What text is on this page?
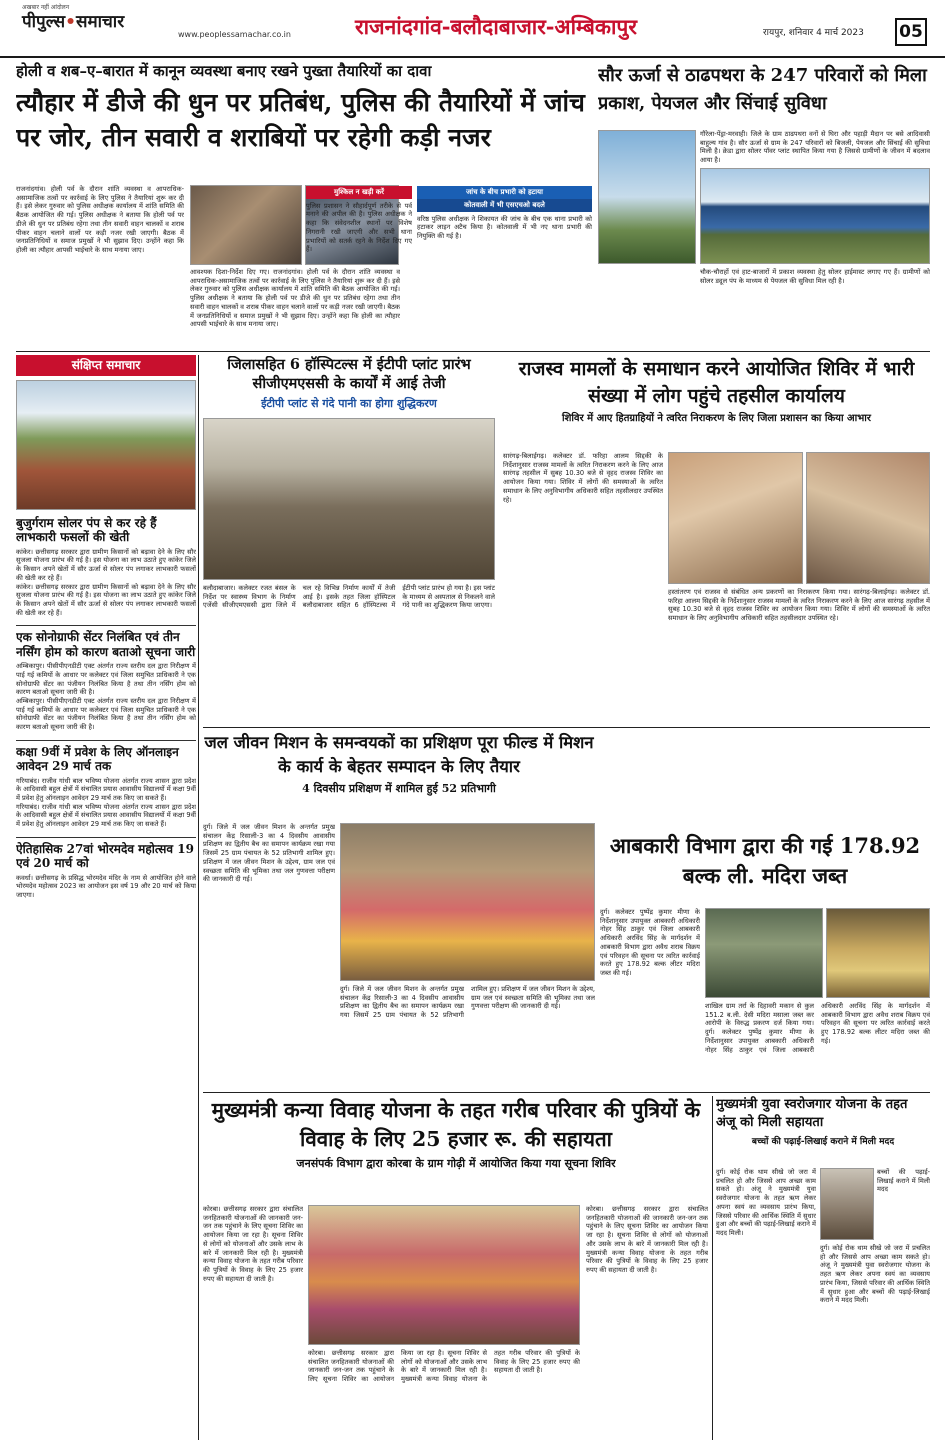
अखबार नहीं आंदोलन
पीपुल्स•समाचार
www.peoplessamachar.co.in	राजनांदगांव-बलौदाबाजार-अम्बिकापुर	रायपुर, शनिवार 4 मार्च 2023 05
होली व शब–ए–बारात में कानून व्यवस्था बनाए रखने पुख्ता तैयारियों का दावा
त्यौहार में डीजे की धुन पर प्रतिबंध, पुलिस की तैयारियों में जांच पर जोर, तीन सवारी व शराबियों पर रहेगी कड़ी नजर
राजनांदगांव। होली पर्व के दौरान शांति व्यवस्था व आपराधिक-असामाजिक तत्वों पर कार्रवाई के लिए पुलिस ने तैयारियां शुरू कर दी हैं। इसे लेकर गुरुवार को पुलिस अधीक्षक कार्यालय में शांति समिति की बैठक आयोजित की गई। पुलिस अधीक्षक ने बताया कि होली पर्व पर डीजे की धुन पर प्रतिबंध रहेगा तथा तीन सवारी वाहन चालकों व शराब पीकर वाहन चलाने वालों पर कड़ी नजर रखी जाएगी। बैठक में जनप्रतिनिधियों व समाज प्रमुखों ने भी सुझाव दिए। उन्होंने कहा कि होली का त्यौहार आपसी भाईचारे के साथ मनाया जाए।
आवश्यक दिशा-निर्देश दिए गए। राजनांदगांव। होली पर्व के दौरान शांति व्यवस्था व आपराधिक-असामाजिक तत्वों पर कार्रवाई के लिए पुलिस ने तैयारियां शुरू कर दी हैं। इसे लेकर गुरुवार को पुलिस अधीक्षक कार्यालय में शांति समिति की बैठक आयोजित की गई। पुलिस अधीक्षक ने बताया कि होली पर्व पर डीजे की धुन पर प्रतिबंध रहेगा तथा तीन सवारी वाहन चालकों व शराब पीकर वाहन चलाने वालों पर कड़ी नजर रखी जाएगी। बैठक में जनप्रतिनिधियों व समाज प्रमुखों ने भी सुझाव दिए। उन्होंने कहा कि होली का त्यौहार आपसी भाईचारे के साथ मनाया जाए।
मुश्किल न खड़ी करें
पुलिस प्रशासन ने सौहार्दपूर्ण तरीके से पर्व मनाने की अपील की है। पुलिस अधीक्षक ने कहा कि संवेदनशील स्थानों पर विशेष निगरानी रखी जाएगी और सभी थाना प्रभारियों को सतर्क रहने के निर्देश दिए गए हैं।
जांच के बीच प्रभारी को हटाया
कोतवाली में भी एसएचओ बदले
वरिष्ठ पुलिस अधीक्षक ने शिकायत की जांच के बीच एक थाना प्रभारी को हटाकर लाइन अटैच किया है। कोतवाली में भी नए थाना प्रभारी की नियुक्ति की गई है।
सौर ऊर्जा से ठाढपथरा के 247 परिवारों को मिला प्रकाश, पेयजल और सिंचाई सुविधा
गौरेला-पेंड्रा-मरवाही। जिले के ग्राम ठाढपथरा वनों से घिरा और पहाड़ी मैदान पर बसे आदिवासी बाहुल्य गांव है। सौर ऊर्जा से ग्राम के 247 परिवारों को बिजली, पेयजल और सिंचाई की सुविधा मिली है। क्रेडा द्वारा सोलर पॉवर प्लांट स्थापित किया गया है जिससे ग्रामीणों के जीवन में बदलाव आया है।
चौक-चौराहों एवं हाट-बाजारों में प्रकाश व्यवस्था हेतु सोलर हाईमास्ट लगाए गए हैं। ग्रामीणों को सोलर ड्यूल पंप के माध्यम से पेयजल की सुविधा मिल रही है।
संक्षिप्त समाचार
बुजुर्गराम सोलर पंप से कर रहे हैं लाभकारी फसलों की खेती
कांकेर। छत्तीसगढ़ सरकार द्वारा ग्रामीण किसानों को बढ़ावा देने के लिए सौर सुजला योजना प्रारंभ की गई है। इस योजना का लाभ उठाते हुए कांकेर जिले के किसान अपने खेतों में सौर ऊर्जा से सोलर पंप लगाकर लाभकारी फसलों की खेती कर रहे हैं।
कांकेर। छत्तीसगढ़ सरकार द्वारा ग्रामीण किसानों को बढ़ावा देने के लिए सौर सुजला योजना प्रारंभ की गई है। इस योजना का लाभ उठाते हुए कांकेर जिले के किसान अपने खेतों में सौर ऊर्जा से सोलर पंप लगाकर लाभकारी फसलों की खेती कर रहे हैं।
एक सोनोग्राफी सेंटर निलंबित एवं तीन नर्सिंग होम को कारण बताओ सूचना जारी
अम्बिकापुर। पीसीपीएनडीटी एक्ट अंतर्गत राज्य स्तरीय दल द्वारा निरीक्षण में पाई गई कमियों के आधार पर कलेक्टर एवं जिला समुचित प्राधिकारी ने एक सोनोग्राफी सेंटर का पंजीयन निलंबित किया है तथा तीन नर्सिंग होम को कारण बताओ सूचना जारी की है।
अम्बिकापुर। पीसीपीएनडीटी एक्ट अंतर्गत राज्य स्तरीय दल द्वारा निरीक्षण में पाई गई कमियों के आधार पर कलेक्टर एवं जिला समुचित प्राधिकारी ने एक सोनोग्राफी सेंटर का पंजीयन निलंबित किया है तथा तीन नर्सिंग होम को कारण बताओ सूचना जारी की है।
कक्षा 9वीं में प्रवेश के लिए ऑनलाइन आवेदन 29 मार्च तक
गरियाबंद। राजीव गांधी बाल भविष्य योजना अंतर्गत राज्य शासन द्वारा प्रदेश के आदिवासी बहुल क्षेत्रों में संचालित प्रयास आवासीय विद्यालयों में कक्षा 9वीं में प्रवेश हेतु ऑनलाइन आवेदन 29 मार्च तक किए जा सकते हैं।
गरियाबंद। राजीव गांधी बाल भविष्य योजना अंतर्गत राज्य शासन द्वारा प्रदेश के आदिवासी बहुल क्षेत्रों में संचालित प्रयास आवासीय विद्यालयों में कक्षा 9वीं में प्रवेश हेतु ऑनलाइन आवेदन 29 मार्च तक किए जा सकते हैं।
ऐतिहासिक 27वां भोरमदेव महोत्सव 19 एवं 20 मार्च को
कवर्धा। छत्तीसगढ़ के प्रसिद्ध भोरमदेव मंदिर के नाम से आयोजित होने वाले भोरमदेव महोत्सव 2023 का आयोजन इस वर्ष 19 और 20 मार्च को किया जाएगा।
जिलासहित 6 हॉस्पिटल्स में ईटीपी प्लांट प्रारंभ सीजीएमएससी के कार्यों में आई तेजी
ईटीपी प्लांट से गंदे पानी का होगा शुद्धिकरण
बलौदाबाजार। कलेक्टर रजत बंसल के निर्देश पर स्वास्थ्य विभाग के निर्माण एजेंसी सीजीएमएससी द्वारा जिले में चल रहे विभिन्न निर्माण कार्यों में तेजी आई है। इसके तहत जिला हॉस्पिटल बलौदाबाजार सहित 6 हॉस्पिटल्स में ईटीपी प्लांट प्रारंभ हो गया है। इस प्लांट के माध्यम से अस्पताल से निकलने वाले गंदे पानी का शुद्धिकरण किया जाएगा।
राजस्व मामलों के समाधान करने आयोजित शिविर में भारी संख्या में लोग पहुंचे तहसील कार्यालय
शिविर में आए हितग्राहियों ने त्वरित निराकरण के लिए जिला प्रशासन का किया आभार
सारंगढ़-बिलाईगढ़। कलेक्टर डॉ. फरिहा आलम सिद्दकी के निर्देशानुसार राजस्व मामलों के त्वरित निराकरण करने के लिए आज सारंगढ़ तहसील में सुबह 10.30 बजे से वृहद राजस्व शिविर का आयोजन किया गया। शिविर में लोगों की समस्याओं के त्वरित समाधान के लिए अनुविभागीय अधिकारी सहित तहसीलदार उपस्थित रहे।
हस्तांतरण एवं राजस्व से संबंधित अन्य प्रकरणों का निराकरण किया गया। सारंगढ़-बिलाईगढ़। कलेक्टर डॉ. फरिहा आलम सिद्दकी के निर्देशानुसार राजस्व मामलों के त्वरित निराकरण करने के लिए आज सारंगढ़ तहसील में सुबह 10.30 बजे से वृहद राजस्व शिविर का आयोजन किया गया। शिविर में लोगों की समस्याओं के त्वरित समाधान के लिए अनुविभागीय अधिकारी सहित तहसीलदार उपस्थित रहे।
जल जीवन मिशन के समन्वयकों का प्रशिक्षण पूरा फील्ड में मिशन के कार्य के बेहतर सम्पादन के लिए तैयार
4 दिवसीय प्रशिक्षण में शामिल हुई 52 प्रतिभागी
दुर्ग। जिले में जल जीवन मिशन के अन्तर्गत प्रमुख संचालन केंद्र रिसाली-3 का 4 दिवसीय आवासीय प्रशिक्षण का द्वितीय बैच का समापन कार्यक्रम रखा गया जिसमें 25 ग्राम पंचायत के 52 प्रतिभागी शामिल हुए। प्रशिक्षण में जल जीवन मिशन के उद्देश्य, ग्राम जल एवं स्वच्छता समिति की भूमिका तथा जल गुणवत्ता परीक्षण की जानकारी दी गई।
दुर्ग। जिले में जल जीवन मिशन के अन्तर्गत प्रमुख संचालन केंद्र रिसाली-3 का 4 दिवसीय आवासीय प्रशिक्षण का द्वितीय बैच का समापन कार्यक्रम रखा गया जिसमें 25 ग्राम पंचायत के 52 प्रतिभागी शामिल हुए। प्रशिक्षण में जल जीवन मिशन के उद्देश्य, ग्राम जल एवं स्वच्छता समिति की भूमिका तथा जल गुणवत्ता परीक्षण की जानकारी दी गई।
आबकारी विभाग द्वारा की गई 178.92 बल्क ली. मदिरा जब्त
दुर्ग। कलेक्टर पुष्पेंद्र कुमार मीणा के निर्देशानुसार उपायुक्त आबकारी अधिकारी नोहर सिंह ठाकुर एवं जिला आबकारी अधिकारी अरविंद सिंह के मार्गदर्शन में आबकारी विभाग द्वारा अवैध शराब विक्रय एवं परिवहन की सूचना पर त्वरित कार्रवाई करते हुए 178.92 बल्क लीटर मदिरा जब्त की गई।
शाखिल ग्राम तर्रा के दिहावरी मकान से कुल 151.2 ब.ली. देसी मदिरा मसाला जब्त कर आरोपी के विरुद्ध प्रकरण दर्ज किया गया। दुर्ग। कलेक्टर पुष्पेंद्र कुमार मीणा के निर्देशानुसार उपायुक्त आबकारी अधिकारी नोहर सिंह ठाकुर एवं जिला आबकारी अधिकारी अरविंद सिंह के मार्गदर्शन में आबकारी विभाग द्वारा अवैध शराब विक्रय एवं परिवहन की सूचना पर त्वरित कार्रवाई करते हुए 178.92 बल्क लीटर मदिरा जब्त की गई।
मुख्यमंत्री कन्या विवाह योजना के तहत गरीब परिवार की पुत्रियों के विवाह के लिए 25 हजार रू. की सहायता
जनसंपर्क विभाग द्वारा कोरबा के ग्राम गोढ़ी में आयोजित किया गया सूचना शिविर
कोरबा। छत्तीसगढ़ सरकार द्वारा संचालित जनहितकारी योजनाओं की जानकारी जन-जन तक पहुंचाने के लिए सूचना शिविर का आयोजन किया जा रहा है। सूचना शिविर से लोगों को योजनाओं और उसके लाभ के बारे में जानकारी मिल रही है। मुख्यमंत्री कन्या विवाह योजना के तहत गरीब परिवार की पुत्रियों के विवाह के लिए 25 हजार रुपए की सहायता दी जाती है।
कोरबा। छत्तीसगढ़ सरकार द्वारा संचालित जनहितकारी योजनाओं की जानकारी जन-जन तक पहुंचाने के लिए सूचना शिविर का आयोजन किया जा रहा है। सूचना शिविर से लोगों को योजनाओं और उसके लाभ के बारे में जानकारी मिल रही है। मुख्यमंत्री कन्या विवाह योजना के तहत गरीब परिवार की पुत्रियों के विवाह के लिए 25 हजार रुपए की सहायता दी जाती है।
कोरबा। छत्तीसगढ़ सरकार द्वारा संचालित जनहितकारी योजनाओं की जानकारी जन-जन तक पहुंचाने के लिए सूचना शिविर का आयोजन किया जा रहा है। सूचना शिविर से लोगों को योजनाओं और उसके लाभ के बारे में जानकारी मिल रही है। मुख्यमंत्री कन्या विवाह योजना के तहत गरीब परिवार की पुत्रियों के विवाह के लिए 25 हजार रुपए की सहायता दी जाती है।
मुख्यमंत्री युवा स्वरोजगार योजना के तहत अंजू को मिली सहायता
बच्चों की पढ़ाई-लिखाई कराने में मिली मदद
दुर्ग। कोई रोक थाम सीखे जो जरा में प्रचलित हो और जिससे आप अच्छा काम सकते हो। अंजू ने मुख्यमंत्री युवा स्वरोजगार योजना के तहत ऋण लेकर अपना स्वयं का व्यवसाय प्रारंभ किया, जिससे परिवार की आर्थिक स्थिति में सुधार हुआ और बच्चों की पढ़ाई-लिखाई कराने में मदद मिली।
बच्चों की पढ़ाई-लिखाई कराने में मिली मदद
दुर्ग। कोई रोक थाम सीखे जो जरा में प्रचलित हो और जिससे आप अच्छा काम सकते हो। अंजू ने मुख्यमंत्री युवा स्वरोजगार योजना के तहत ऋण लेकर अपना स्वयं का व्यवसाय प्रारंभ किया, जिससे परिवार की आर्थिक स्थिति में सुधार हुआ और बच्चों की पढ़ाई-लिखाई कराने में मदद मिली।
